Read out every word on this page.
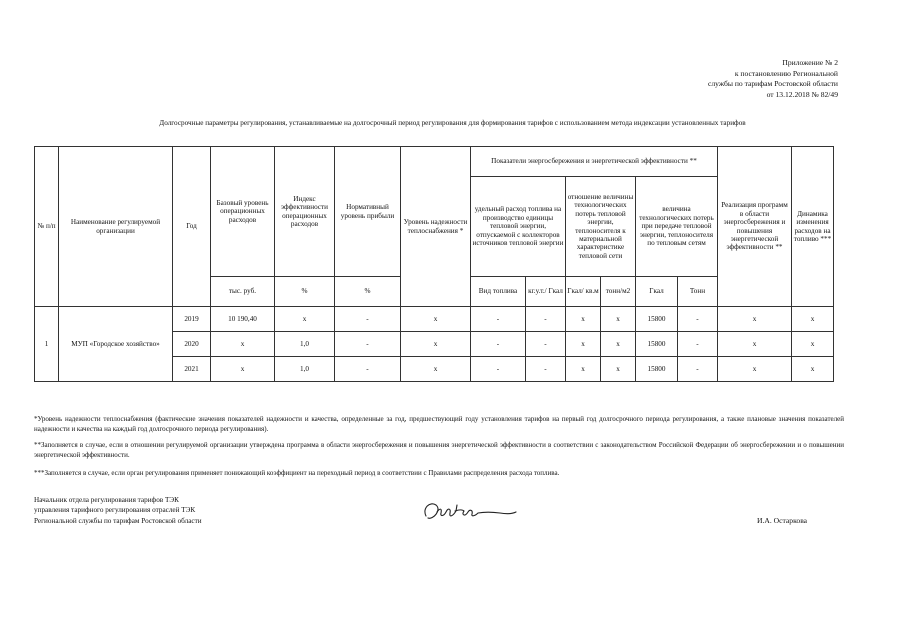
Приложение № 2
к постановлению Региональной
службы по тарифам Ростовской области
от 13.12.2018 № 82/49
Долгосрочные параметры регулирования, устанавливаемые на долгосрочный период регулирования для формирования тарифов с использованием метода индексации установленных тарифов
№ п/п	Наименование регулируемой организации	Год	Базовый уровень операционных расходов	Индекс эффективности операционных расходов	Нормативный уровень прибыли	Уровень надежности теплоснабжения *	Показатели энергосбережения и энергетической эффективности **						Реализация программ в области энергосбережения и повышения энергетической эффективности **	Динамика изменения расходов на топливо ***
							удельный расход топлива на производство единицы тепловой энергии, отпускаемой с коллекторов источников тепловой энергии		отношение величины технологических потерь тепловой энергии, теплоносителя к материальной характеристике тепловой сети		величина технологических потерь при передаче тепловой энергии, теплоносителя по тепловым сетям			
			тыс. руб.	%	%		Вид топлива	кг.у.т./ Гкал	Гкал/ кв.м	тонн/м2	Гкал	Тонн		
1	МУП «Городское хозяйство»	2019	10 190,40	х	-	х	-	-	х	х	15800	-	х	х
		2020	х	1,0	-	х	-	-	х	х	15800	-	х	х
		2021	х	1,0	-	х	-	-	х	х	15800	-	х	х
*Уровень надежности теплоснабжения (фактические значения показателей надежности и качества, определенные за год, предшествующий году установления тарифов на первый год долгосрочного периода регулирования, а также плановые значения показателей надежности и качества на каждый год долгосрочного периода регулирования).
**Заполняется в случае, если в отношении регулируемой организации утверждена программа в области энергосбережения и повышения энергетической эффективности в соответствии с законодательством Российской Федерации об энергосбережении и о повышении энергетической эффективности.
***Заполняется в случае, если орган регулирования применяет понижающий коэффициент на переходный период в соответствии с Правилами распределения расхода топлива.
Начальник отдела регулирования тарифов ТЭК
управления тарифного регулирования отраслей ТЭК
Региональной службы по тарифам Ростовской области	И.А. Остаркова
